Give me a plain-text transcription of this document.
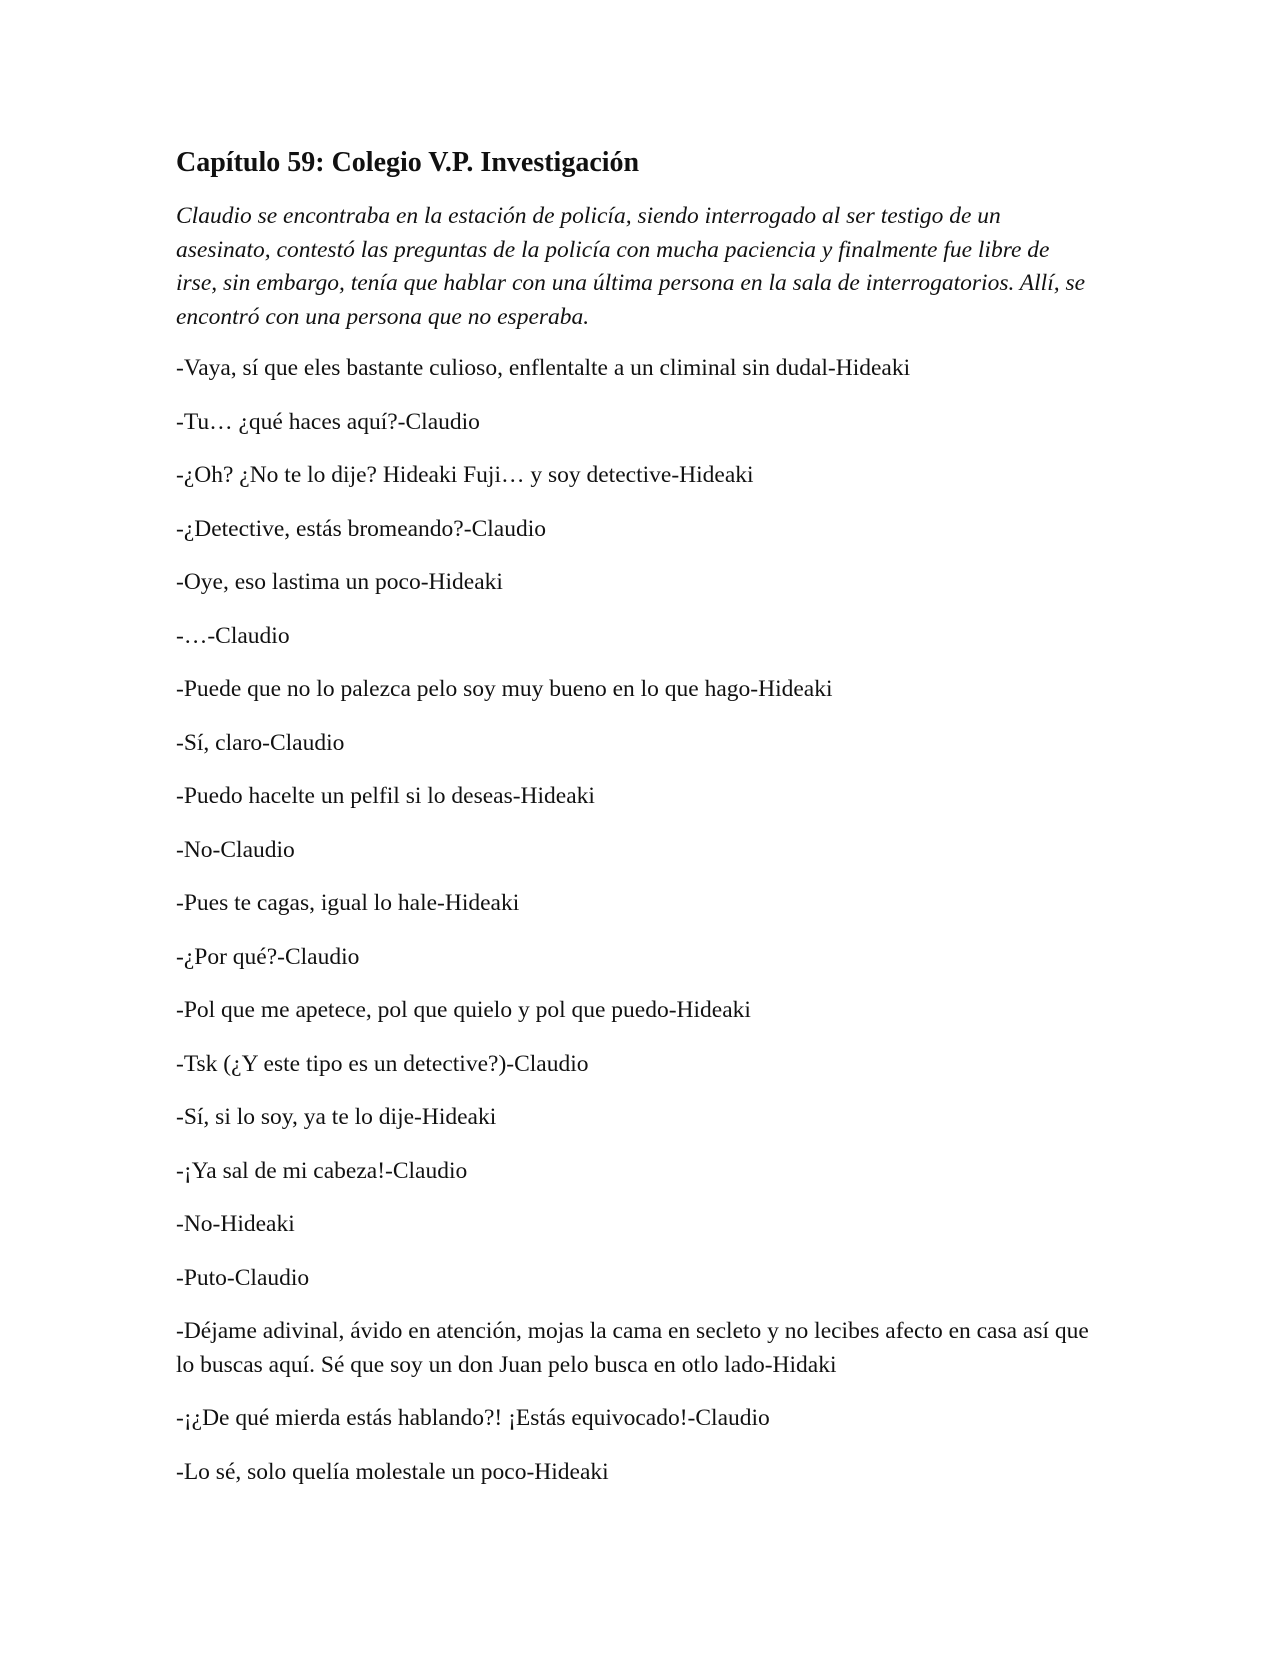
Capítulo 59: Colegio V.P. Investigación

Claudio se encontraba en la estación de policía, siendo interrogado al ser testigo de un asesinato, contestó las preguntas de la policía con mucha paciencia y finalmente fue libre de irse, sin embargo, tenía que hablar con una última persona en la sala de interrogatorios. Allí, se encontró con una persona que no esperaba.

-Vaya, sí que eles bastante culioso, enflentalte a un climinal sin dudal-Hideaki

-Tu… ¿qué haces aquí?-Claudio

-¿Oh? ¿No te lo dije? Hideaki Fuji… y soy detective-Hideaki

-¿Detective, estás bromeando?-Claudio

-Oye, eso lastima un poco-Hideaki

-…-Claudio

-Puede que no lo palezca pelo soy muy bueno en lo que hago-Hideaki

-Sí, claro-Claudio

-Puedo hacelte un pelfil si lo deseas-Hideaki

-No-Claudio

-Pues te cagas, igual lo hale-Hideaki

-¿Por qué?-Claudio

-Pol que me apetece, pol que quielo y pol que puedo-Hideaki

-Tsk (¿Y este tipo es un detective?)-Claudio

-Sí, si lo soy, ya te lo dije-Hideaki

-¡Ya sal de mi cabeza!-Claudio

-No-Hideaki

-Puto-Claudio

-Déjame adivinal, ávido en atención, mojas la cama en secleto y no lecibes afecto en casa así que lo buscas aquí. Sé que soy un don Juan pelo busca en otlo lado-Hidaki

-¡¿De qué mierda estás hablando?! ¡Estás equivocado!-Claudio

-Lo sé, solo quelía molestale un poco-Hideaki
